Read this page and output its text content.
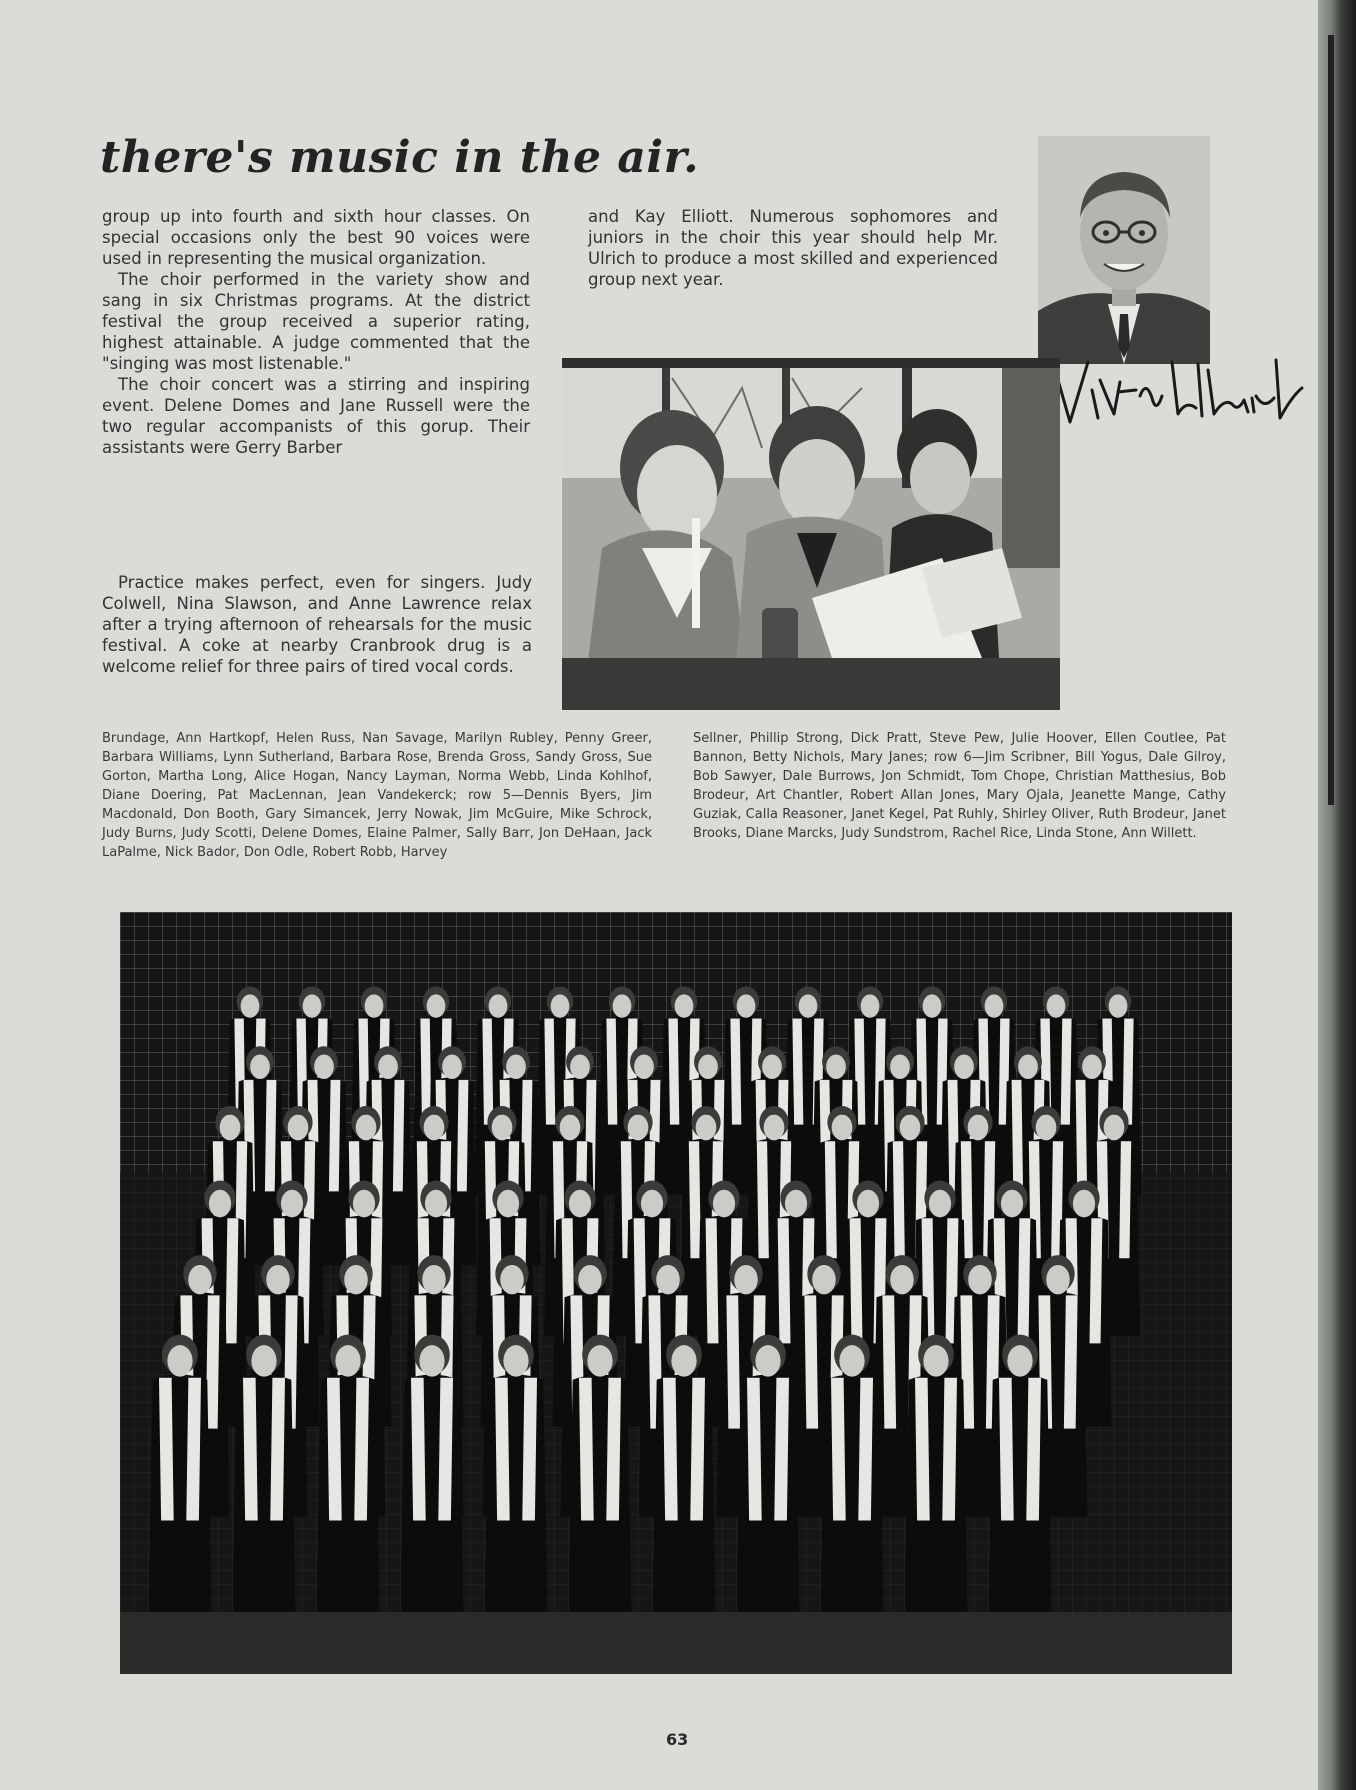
there's music in the air.
group up into fourth and sixth hour classes. On special occasions only the best 90 voices were used in representing the musical organization.
The choir performed in the variety show and sang in six Christmas programs. At the district festival the group received a superior rating, highest attainable. A judge commented that the "singing was most listenable."
The choir concert was a stirring and inspiring event. Delene Domes and Jane Russell were the two regular accompanists of this gorup. Their assistants were Gerry Barber

and Kay Elliott. Numerous sophomores and juniors in the choir this year should help Mr. Ulrich to produce a most skilled and experienced group next year.

Practice makes perfect, even for singers. Judy Colwell, Nina Slawson, and Anne Lawrence relax after a trying afternoon of rehearsals for the music festival. A coke at nearby Cranbrook drug is a welcome relief for three pairs of tired vocal cords.

Brundage, Ann Hartkopf, Helen Russ, Nan Savage, Marilyn Rubley, Penny Greer, Barbara Williams, Lynn Sutherland, Barbara Rose, Brenda Gross, Sandy Gross, Sue Gorton, Martha Long, Alice Hogan, Nancy Layman, Norma Webb, Linda Kohlhof, Diane Doering, Pat MacLennan, Jean Vandekerck; row 5—Dennis Byers, Jim Macdonald, Don Booth, Gary Simancek, Jerry Nowak, Jim McGuire, Mike Schrock, Judy Burns, Judy Scotti, Delene Domes, Elaine Palmer, Sally Barr, Jon DeHaan, Jack LaPalme, Nick Bador, Don Odle, Robert Robb, Harvey

Sellner, Phillip Strong, Dick Pratt, Steve Pew, Julie Hoover, Ellen Coutlee, Pat Bannon, Betty Nichols, Mary Janes; row 6—Jim Scribner, Bill Yogus, Dale Gilroy, Bob Sawyer, Dale Burrows, Jon Schmidt, Tom Chope, Christian Matthesius, Bob Brodeur, Art Chantler, Robert Allan Jones, Mary Ojala, Jeanette Mange, Cathy Guziak, Calla Reasoner, Janet Kegel, Pat Ruhly, Shirley Oliver, Ruth Brodeur, Janet Brooks, Diane Marcks, Judy Sundstrom, Rachel Rice, Linda Stone, Ann Willett.

63
